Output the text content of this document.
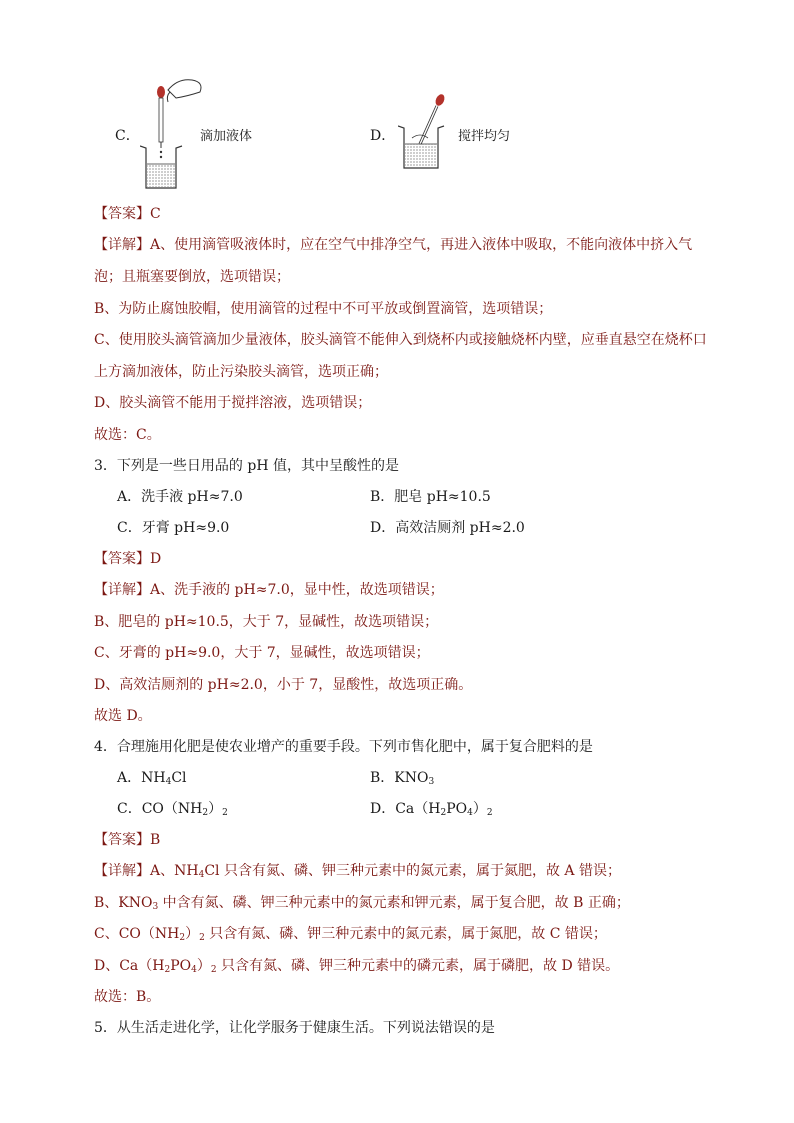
C．	滴加液体	D．	搅拌均匀
【答案】C
【详解】A、使用滴管吸液体时，应在空气中排净空气，再进入液体中吸取，不能向液体中挤入气
泡；且瓶塞要倒放，选项错误；
B、为防止腐蚀胶帽，使用滴管的过程中不可平放或倒置滴管，选项错误；
C、使用胶头滴管滴加少量液体，胶头滴管不能伸入到烧杯内或接触烧杯内壁，应垂直悬空在烧杯口
上方滴加液体，防止污染胶头滴管，选项正确；
D、胶头滴管不能用于搅拌溶液，选项错误；
故选：C。
3．下列是一些日用品的 pH 值，其中呈酸性的是
A．洗手液 pH≈7.0	B．肥皂 pH≈10.5
C．牙膏 pH≈9.0	D．高效洁厕剂 pH≈2.0
【答案】D
【详解】A、洗手液的 pH≈7.0，显中性，故选项错误；
B、肥皂的 pH≈10.5，大于 7，显碱性，故选项错误；
C、牙膏的 pH≈9.0，大于 7，显碱性，故选项错误；
D、高效洁厕剂的 pH≈2.0，小于 7，显酸性，故选项正确。
故选 D。
4．合理施用化肥是使农业增产的重要手段。下列市售化肥中，属于复合肥料的是
A．$NH_4Cl$	B．$KNO_3$
C．$CO(NH_2)_2$	D．$Ca(H_2PO_4)_2$
【答案】B
【详解】A、$NH_4Cl$ 只含有氮、磷、钾三种元素中的氮元素，属于氮肥，故 A 错误；
B、$KNO_3$ 中含有氮、磷、钾三种元素中的氮元素和钾元素，属于复合肥，故 B 正确；
C、$CO(NH_2)_2$ 只含有氮、磷、钾三种元素中的氮元素，属于氮肥，故 C 错误；
D、$Ca(H_2PO_4)_2$ 只含有氮、磷、钾三种元素中的磷元素，属于磷肥，故 D 错误。
故选：B。
5．从生活走进化学，让化学服务于健康生活。下列说法错误的是
